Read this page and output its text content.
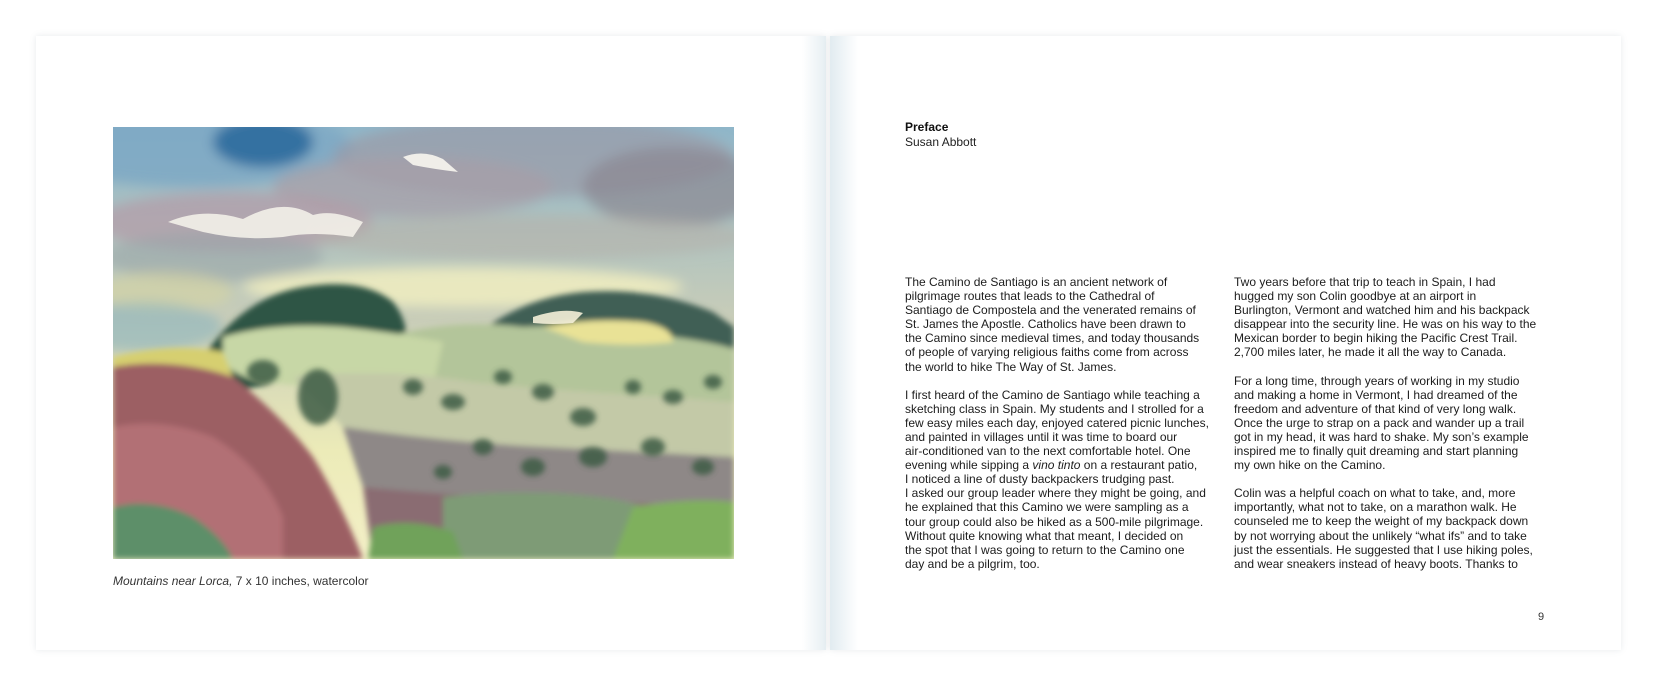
Mountains near Lorca, 7 x 10 inches, watercolor
Preface
Susan Abbott

The Camino de Santiago is an ancient network of
pilgrimage routes that leads to the Cathedral of
Santiago de Compostela and the venerated remains of
St. James the Apostle. Catholics have been drawn to
the Camino since medieval times, and today thousands
of people of varying religious faiths come from across
the world to hike The Way of St. James.

I first heard of the Camino de Santiago while teaching a
sketching class in Spain. My students and I strolled for a
few easy miles each day, enjoyed catered picnic lunches,
and painted in villages until it was time to board our
air-conditioned van to the next comfortable hotel. One
evening while sipping a vino tinto on a restaurant patio,
I noticed a line of dusty backpackers trudging past.
I asked our group leader where they might be going, and
he explained that this Camino we were sampling as a
tour group could also be hiked as a 500-mile pilgrimage.
Without quite knowing what that meant, I decided on
the spot that I was going to return to the Camino one
day and be a pilgrim, too.

Two years before that trip to teach in Spain, I had
hugged my son Colin goodbye at an airport in
Burlington, Vermont and watched him and his backpack
disappear into the security line. He was on his way to the
Mexican border to begin hiking the Pacific Crest Trail.
2,700 miles later, he made it all the way to Canada.

For a long time, through years of working in my studio
and making a home in Vermont, I had dreamed of the
freedom and adventure of that kind of very long walk.
Once the urge to strap on a pack and wander up a trail
got in my head, it was hard to shake. My son’s example
inspired me to finally quit dreaming and start planning
my own hike on the Camino.

Colin was a helpful coach on what to take, and, more
importantly, what not to take, on a marathon walk. He
counseled me to keep the weight of my backpack down
by not worrying about the unlikely “what ifs” and to take
just the essentials. He suggested that I use hiking poles,
and wear sneakers instead of heavy boots. Thanks to

9
